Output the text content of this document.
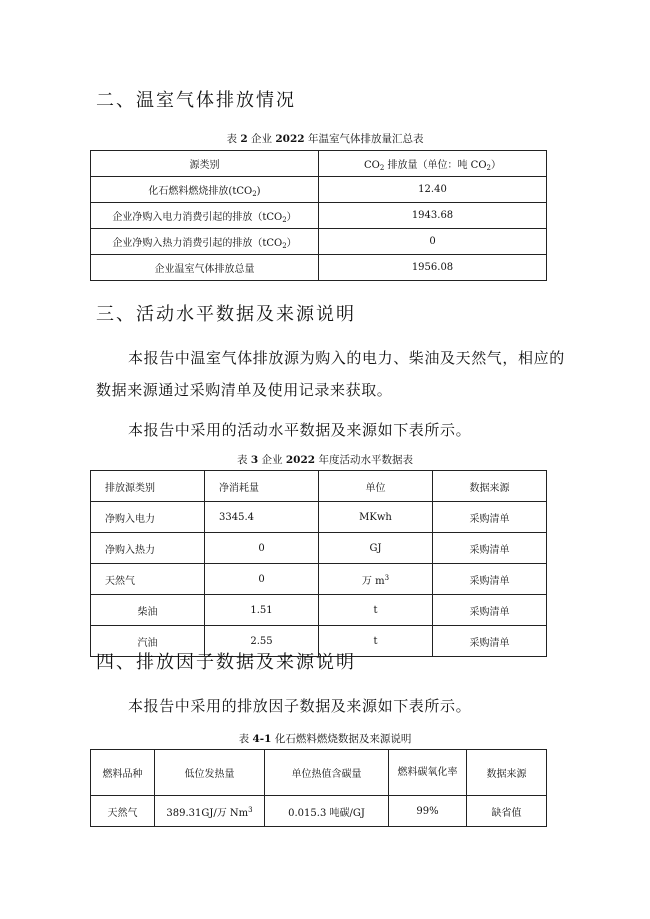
二、温室气体排放情况
表 2 企业 2022 年温室气体排放量汇总表
源类别	$CO_2$ 排放量（单位：吨 $CO_2$）
化石燃料燃烧排放(tCO$_2$)	12.40
企业净购入电力消费引起的排放（tCO$_2$）	1943.68
企业净购入热力消费引起的排放（tCO$_2$）	0
企业温室气体排放总量	1956.08
三、活动水平数据及来源说明

本报告中温室气体排放源为购入的电力、柴油及天然气，相应的

数据来源通过采购清单及使用记录来获取。

本报告中采用的活动水平数据及来源如下表所示。

表 3 企业 2022 年度活动水平数据表
排放源类别	净消耗量	单位	数据来源
净购入电力	3345.4	MKwh	采购清单
净购入热力	0	GJ	采购清单
天然气	0	万 $m^3$	采购清单
柴油	1.51	t	采购清单
汽油	2.55	t	采购清单
四、排放因子数据及来源说明

本报告中采用的排放因子数据及来源如下表所示。

表 4-1 化石燃料燃烧数据及来源说明
燃料品种	低位发热量	单位热值含碳量	燃料碳氧化率	数据来源
天然气	389.31GJ/万 Nm$^3$	0.015.3 吨碳/GJ	99%	缺省值
